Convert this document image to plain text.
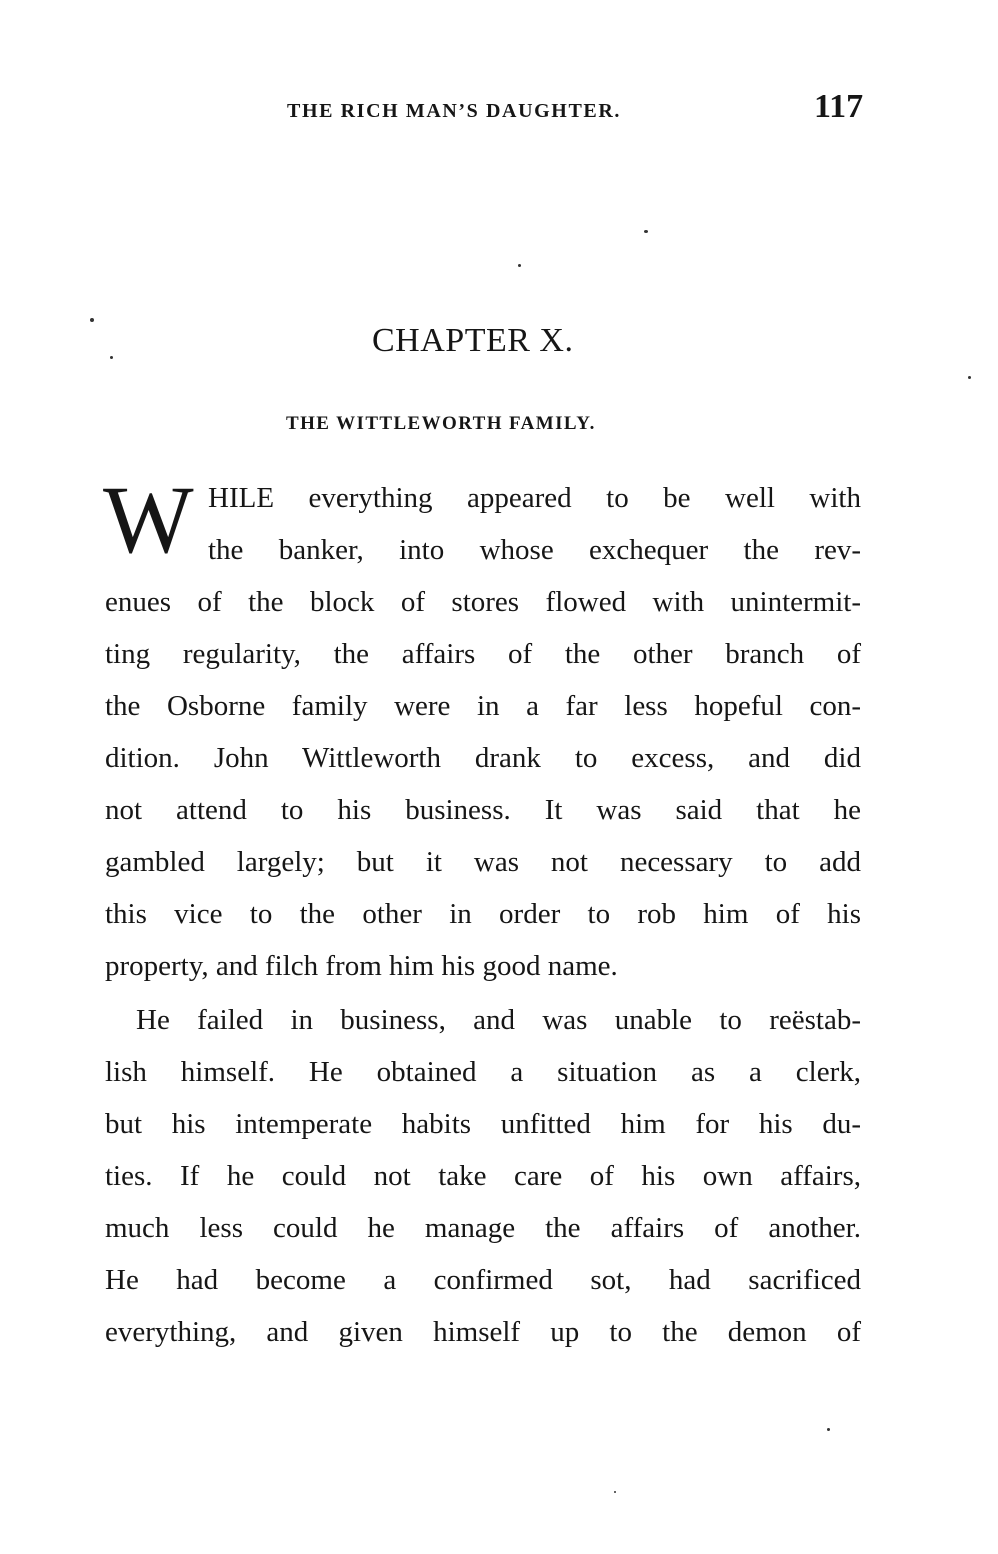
THE RICH MAN’S DAUGHTER.	117
CHAPTER X.
THE WITTLEWORTH FAMILY.
W HILE everything appeared to be well with
the banker, into whose exchequer the rev-
enues of the block of stores flowed with unintermit-
ting regularity, the affairs of the other branch of
the Osborne family were in a far less hopeful con-
dition. John Wittleworth drank to excess, and did
not attend to his business. It was said that he
gambled largely; but it was not necessary to add
this vice to the other in order to rob him of his
property, and filch from him his good name.
He failed in business, and was unable to reëstab-
lish himself. He obtained a situation as a clerk,
but his intemperate habits unfitted him for his du-
ties. If he could not take care of his own affairs,
much less could he manage the affairs of another.
He had become a confirmed sot, had sacrificed
everything, and given himself up to the demon of
